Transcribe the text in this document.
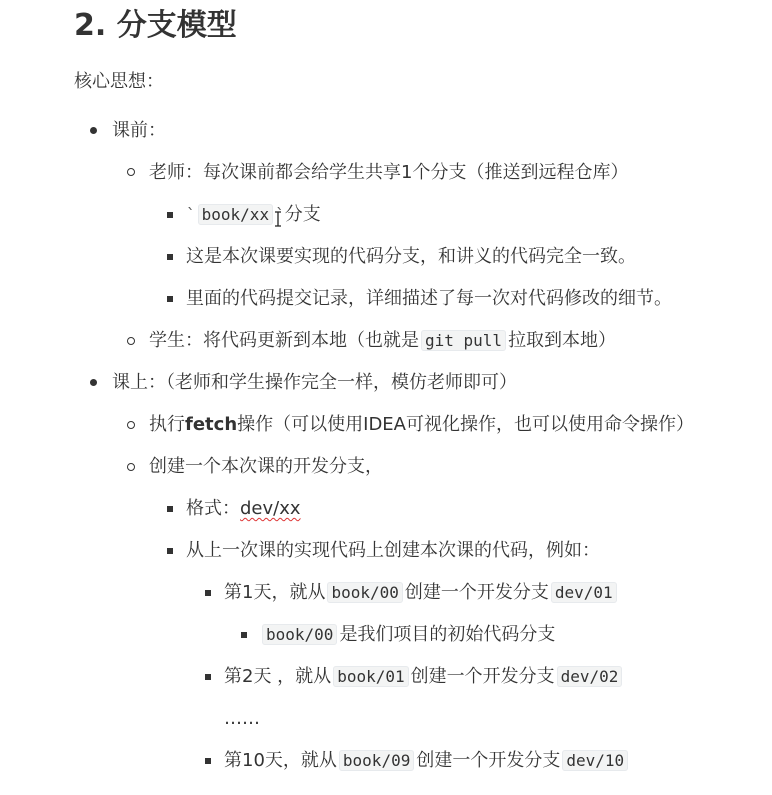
2. 分支模型
核心思想：
课前：
老师：每次课前都会给学生共享1个分支（推送到远程仓库）
` book/xx `分支
这是本次课要实现的代码分支，和讲义的代码完全一致。
里面的代码提交记录，详细描述了每一次对代码修改的细节。
学生：将代码更新到本地（也就是 git pull 拉取到本地）
课上：（老师和学生操作完全一样，模仿老师即可）
执行fetch操作（可以使用IDEA可视化操作，也可以使用命令操作）
创建一个本次课的开发分支，
格式：dev/xx
从上一次课的实现代码上创建本次课的代码，例如：
第1天，就从 book/00 创建一个开发分支 dev/01
book/00 是我们项目的初始代码分支
第2天 ，就从 book/01 创建一个开发分支 dev/02
……
第10天，就从 book/09 创建一个开发分支 dev/10
